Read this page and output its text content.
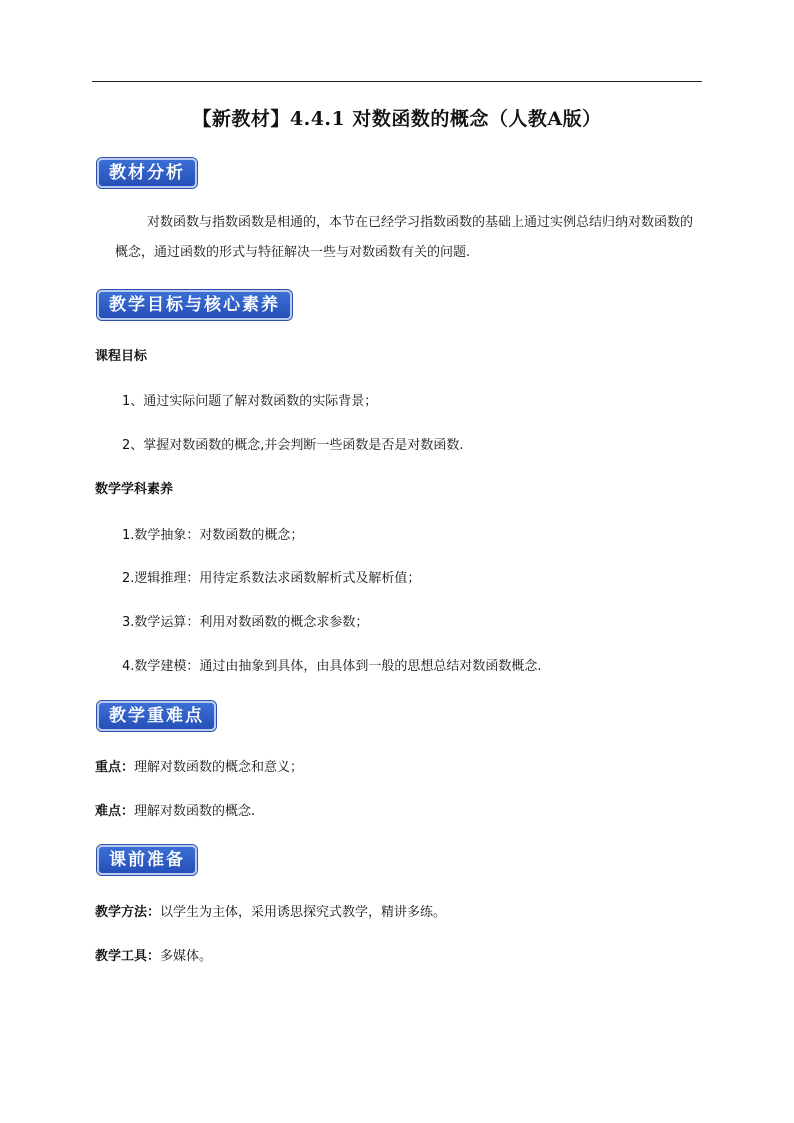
【新教材】4.4.1 对数函数的概念（人教A版）
教材分析
对数函数与指数函数是相通的，本节在已经学习指数函数的基础上通过实例总结归纳对数函数的概念，通过函数的形式与特征解决一些与对数函数有关的问题.
教学目标与核心素养
课程目标
1、通过实际问题了解对数函数的实际背景；
2、掌握对数函数的概念,并会判断一些函数是否是对数函数.
数学学科素养
1.数学抽象：对数函数的概念；
2.逻辑推理：用待定系数法求函数解析式及解析值；
3.数学运算：利用对数函数的概念求参数；
4.数学建模：通过由抽象到具体，由具体到一般的思想总结对数函数概念.
教学重难点
重点：理解对数函数的概念和意义；
难点：理解对数函数的概念.
课前准备
教学方法：以学生为主体，采用诱思探究式教学，精讲多练。
教学工具：多媒体。
